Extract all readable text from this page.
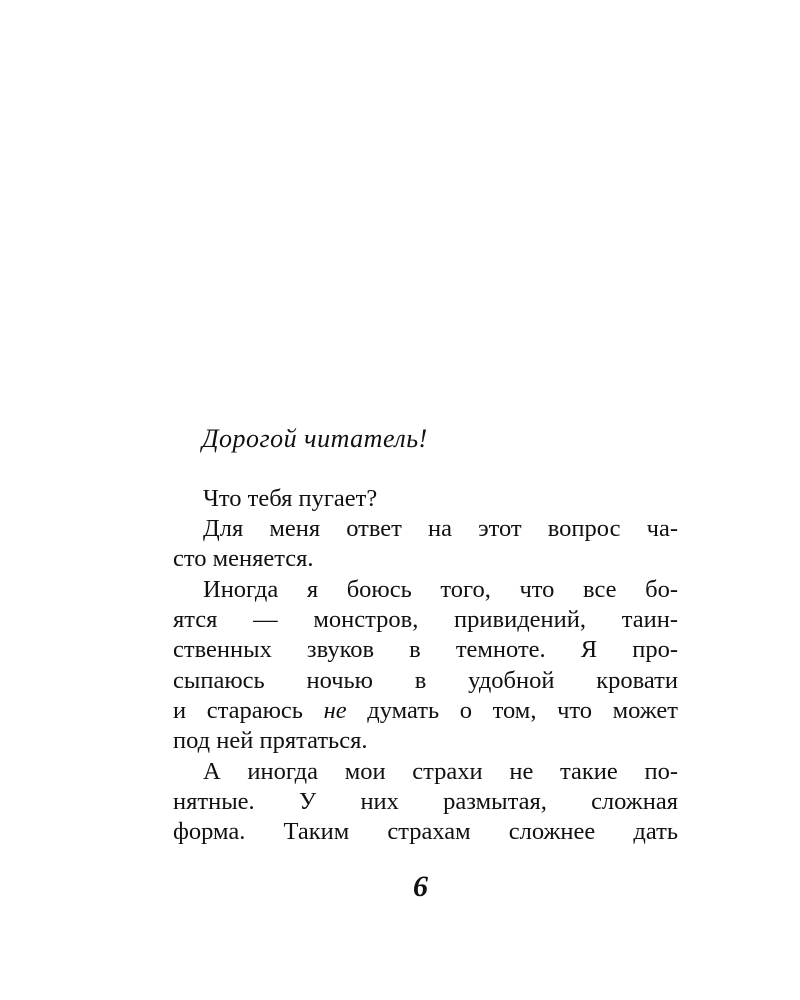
Дорогой читатель!
Что тебя пугает?
Для меня ответ на этот вопрос ча-
сто меняется.
Иногда я боюсь того, что все бо-
ятся — монстров, привидений, таин-
ственных звуков в темноте. Я про-
сыпаюсь ночью в удобной кровати
и стараюсь не думать о том, что может
под ней прятаться.
А иногда мои страхи не такие по-
нятные. У них размытая, сложная
форма. Таким страхам сложнее дать
6
